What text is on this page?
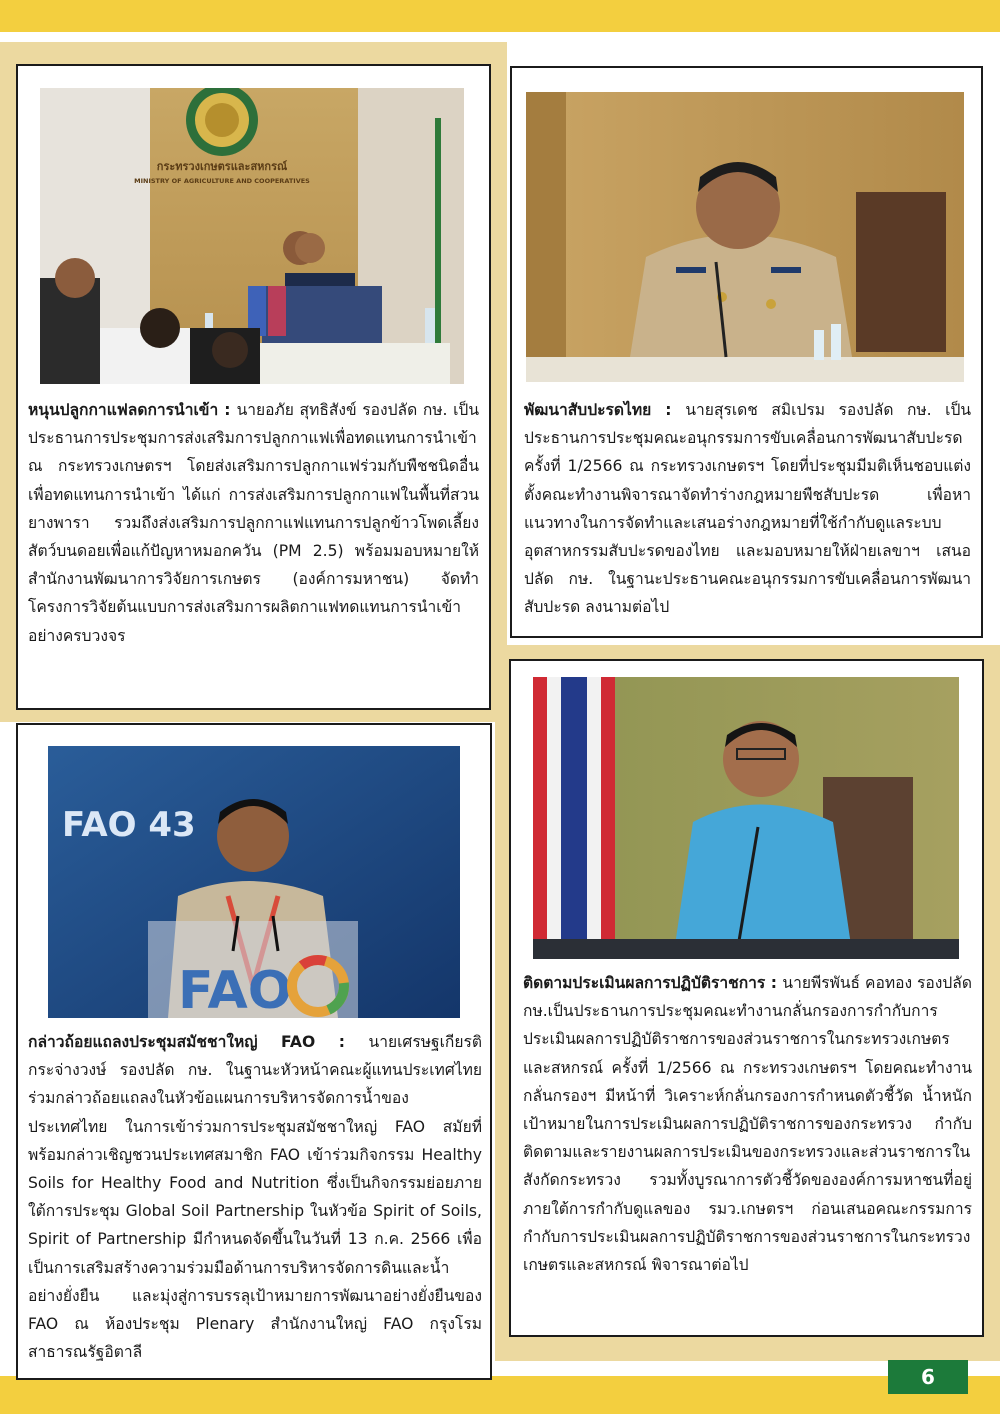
กระทรวงเกษตรและสหกรณ์
MINISTRY OF AGRICULTURE AND COOPERATIVES

หนุนปลูกกาแฟลดการนำเข้า : นายอภัย สุทธิสังข์ รองปลัด กษ. เป็นประธานการประชุมการส่งเสริมการปลูกกาแฟเพื่อทดแทนการนำเข้า ณ กระทรวงเกษตรฯ โดยส่งเสริมการปลูกกาแฟร่วมกับพืชชนิดอื่นเพื่อทดแทนการนำเข้า ได้แก่ การส่งเสริมการปลูกกาแฟในพื้นที่สวนยางพารา รวมถึงส่งเสริมการปลูกกาแฟแทนการปลูกข้าวโพดเลี้ยงสัตว์บนดอยเพื่อแก้ปัญหาหมอกควัน (PM 2.5) พร้อมมอบหมายให้สำนักงานพัฒนาการวิจัยการเกษตร (องค์การมหาชน) จัดทำโครงการวิจัยต้นแบบการส่งเสริมการผลิตกาแฟทดแทนการนำเข้าอย่างครบวงจร

พัฒนาสับปะรดไทย : นายสุรเดช สมิเปรม รองปลัด กษ. เป็นประธานการประชุมคณะอนุกรรมการขับเคลื่อนการพัฒนาสับปะรด ครั้งที่ 1/2566 ณ กระทรวงเกษตรฯ โดยที่ประชุมมีมติเห็นชอบแต่งตั้งคณะทำงานพิจารณาจัดทำร่างกฎหมายพืชสับปะรด เพื่อหาแนวทางในการจัดทำและเสนอร่างกฎหมายที่ใช้กำกับดูแลระบบอุตสาหกรรมสับปะรดของไทย และมอบหมายให้ฝ่ายเลขาฯ เสนอปลัด กษ. ในฐานะประธานคณะอนุกรรมการขับเคลื่อนการพัฒนาสับปะรด ลงนามต่อไป

FAO 43
FAO

กล่าวถ้อยแถลงประชุมสมัชชาใหญ่ FAO : นายเศรษฐเกียรติ กระจ่างวงษ์ รองปลัด กษ. ในฐานะหัวหน้าคณะผู้แทนประเทศไทย ร่วมกล่าวถ้อยแถลงในหัวข้อแผนการบริหารจัดการน้ำของประเทศไทย ในการเข้าร่วมการประชุมสมัชชาใหญ่ FAO สมัยที่ พร้อมกล่าวเชิญชวนประเทศสมาชิก FAO เข้าร่วมกิจกรรม Healthy Soils for Healthy Food and Nutrition ซึ่งเป็นกิจกรรมย่อยภายใต้การประชุม Global Soil Partnership ในหัวข้อ Spirit of Soils, Spirit of Partnership มีกำหนดจัดขึ้นในวันที่ 13 ก.ค. 2566 เพื่อเป็นการเสริมสร้างความร่วมมือด้านการบริหารจัดการดินและน้ำอย่างยั่งยืน และมุ่งสู่การบรรลุเป้าหมายการพัฒนาอย่างยั่งยืนของ FAO ณ ห้องประชุม Plenary สำนักงานใหญ่ FAO กรุงโรม สาธารณรัฐอิตาลี

ติดตามประเมินผลการปฏิบัติราชการ : นายพีรพันธ์ คอทอง รองปลัด กษ.เป็นประธานการประชุมคณะทำงานกลั่นกรองการกำกับการประเมินผลการปฏิบัติราชการของส่วนราชการในกระทรวงเกษตรและสหกรณ์ ครั้งที่ 1/2566 ณ กระทรวงเกษตรฯ โดยคณะทำงานกลั่นกรองฯ มีหน้าที่ วิเคราะห์กลั่นกรองการกำหนดตัวชี้วัด น้ำหนัก เป้าหมายในการประเมินผลการปฏิบัติราชการของกระทรวง กำกับ ติดตามและรายงานผลการประเมินของกระทรวงและส่วนราชการในสังกัดกระทรวง รวมทั้งบูรณาการตัวชี้วัดขององค์การมหาชนที่อยู่ภายใต้การกำกับดูแลของ รมว.เกษตรฯ ก่อนเสนอคณะกรรมการกำกับการประเมินผลการปฏิบัติราชการของส่วนราชการในกระทรวงเกษตรและสหกรณ์ พิจารณาต่อไป

6
